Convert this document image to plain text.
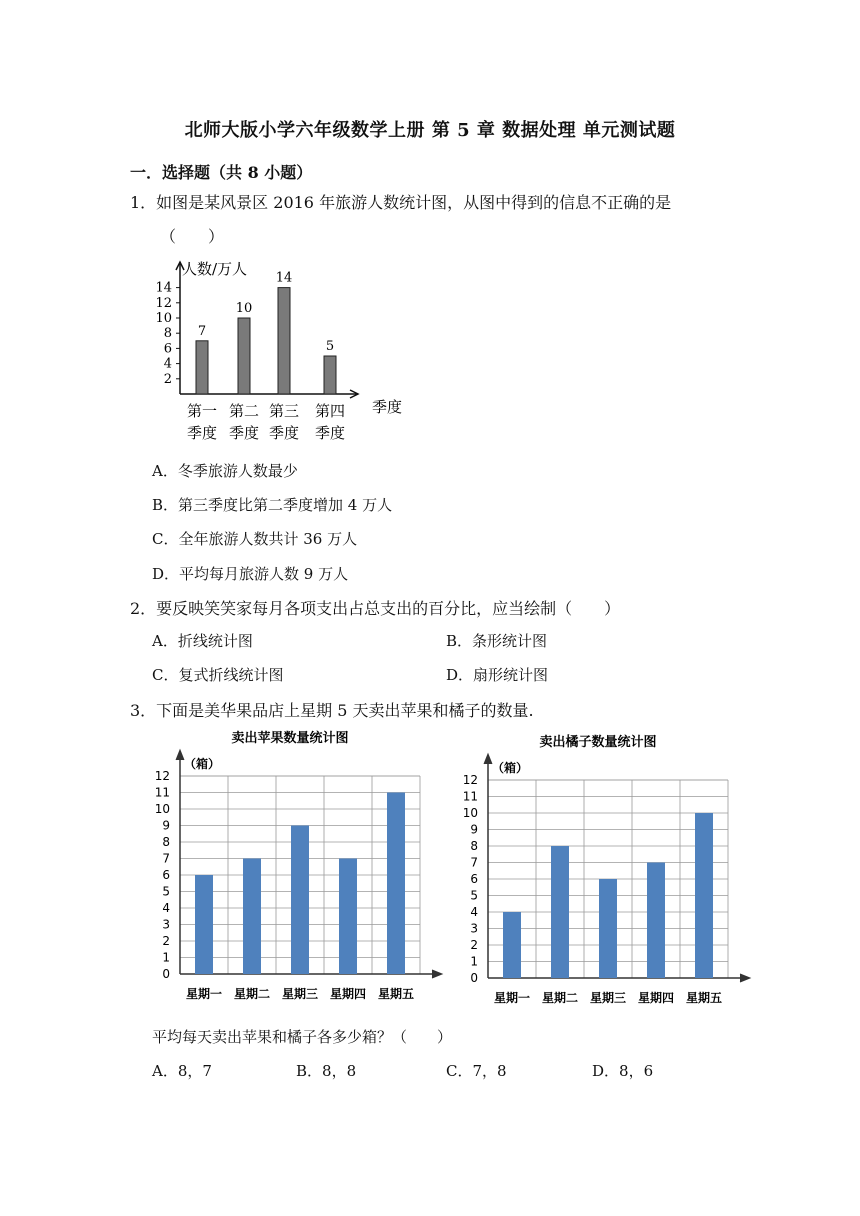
北师大版小学六年级数学上册 第 5 章 数据处理 单元测试题
一．选择题（共 8 小题）
1．如图是某风景区 2016 年旅游人数统计图，从图中得到的信息不正确的是
（　　）
人数/万人
季度
14
12
10
8
6
4
2
7
第一
季度
10
第二
季度
14
第三
季度
5
第四
季度
A．冬季旅游人数最少
B．第三季度比第二季度增加 4 万人
C．全年旅游人数共计 36 万人
D．平均每月旅游人数 9 万人
2．要反映笑笑家每月各项支出占总支出的百分比，应当绘制（　　）
A．折线统计图	B．条形统计图
C．复式折线统计图	D．扇形统计图
3．下面是美华果品店上星期 5 天卖出苹果和橘子的数量.
卖出苹果数量统计图
（箱）
12
11
10
9
8
7
6
5
4
3
2
1
0
星期一 星期二 星期三 星期四 星期五
卖出橘子数量统计图
（箱）
12
11
10
9
8
7
6
5
4
3
2
1
0
星期一 星期二 星期三 星期四 星期五
平均每天卖出苹果和橘子各多少箱？（　　）
A．8，7	B．8，8	C．7，8	D．8，6
